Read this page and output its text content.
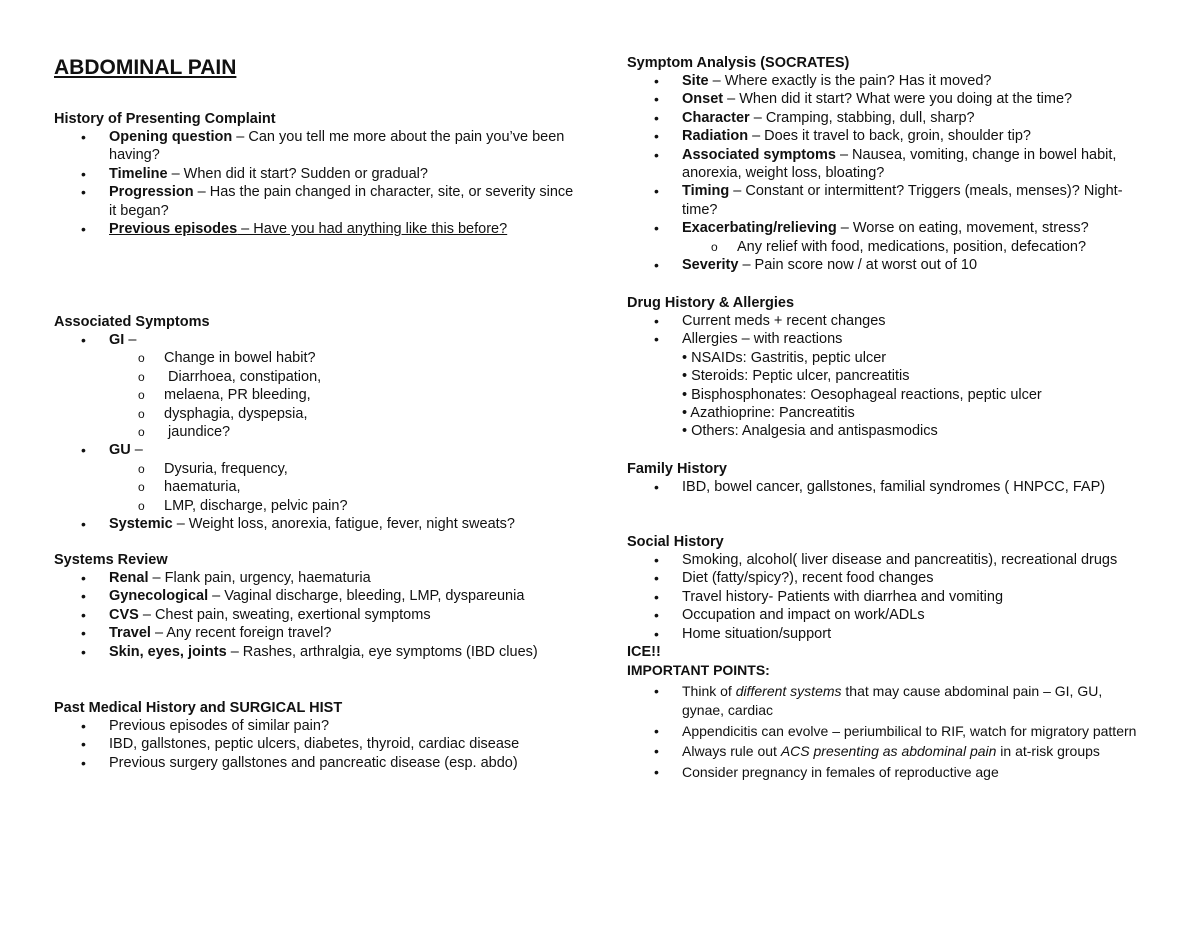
ABDOMINAL PAIN

History of Presenting Complaint

• Opening question – Can you tell me more about the pain you’ve been having?
• Timeline – When did it start? Sudden or gradual?
• Progression – Has the pain changed in character, site, or severity since it began?
• Previous episodes – Have you had anything like this before?

Associated Symptoms

• GI –
o Change in bowel habit?
o  Diarrhoea, constipation,
o melaena, PR bleeding,
o dysphagia, dyspepsia,
o  jaundice?
• GU –
o Dysuria, frequency,
o haematuria,
o LMP, discharge, pelvic pain?
• Systemic – Weight loss, anorexia, fatigue, fever, night sweats?

Systems Review

• Renal – Flank pain, urgency, haematuria
• Gynecological – Vaginal discharge, bleeding, LMP, dyspareunia
• CVS – Chest pain, sweating, exertional symptoms
• Travel – Any recent foreign travel?
• Skin, eyes, joints – Rashes, arthralgia, eye symptoms (IBD clues)

Past Medical History and SURGICAL HIST

• Previous episodes of similar pain?
• IBD, gallstones, peptic ulcers, diabetes, thyroid, cardiac disease
• Previous surgery gallstones and pancreatic disease (esp. abdo)

Symptom Analysis (SOCRATES)

• Site – Where exactly is the pain? Has it moved?
• Onset – When did it start? What were you doing at the time?
• Character – Cramping, stabbing, dull, sharp?
• Radiation – Does it travel to back, groin, shoulder tip?
• Associated symptoms – Nausea, vomiting, change in bowel habit, anorexia, weight loss, bloating?
• Timing – Constant or intermittent? Triggers (meals, menses)? Night-time?
• Exacerbating/relieving – Worse on eating, movement, stress?
o Any relief with food, medications, position, defecation?
• Severity – Pain score now / at worst out of 10

Drug History & Allergies

• Current meds + recent changes
• Allergies – with reactions
• NSAIDs: Gastritis, peptic ulcer
• Steroids: Peptic ulcer, pancreatitis
• Bisphosphonates: Oesophageal reactions, peptic ulcer
• Azathioprine: Pancreatitis
• Others: Analgesia and antispasmodics

Family History

• IBD, bowel cancer, gallstones, familial syndromes ( HNPCC, FAP)

Social History

• Smoking, alcohol( liver disease and pancreatitis), recreational drugs
• Diet (fatty/spicy?), recent food changes
• Travel history- Patients with diarrhea and vomiting
• Occupation and impact on work/ADLs
• Home situation/support

ICE!!

IMPORTANT POINTS:

• Think of different systems that may cause abdominal pain – GI, GU, gynae, cardiac
• Appendicitis can evolve – periumbilical to RIF, watch for migratory pattern
• Always rule out ACS presenting as abdominal pain in at-risk groups
• Consider pregnancy in females of reproductive age
